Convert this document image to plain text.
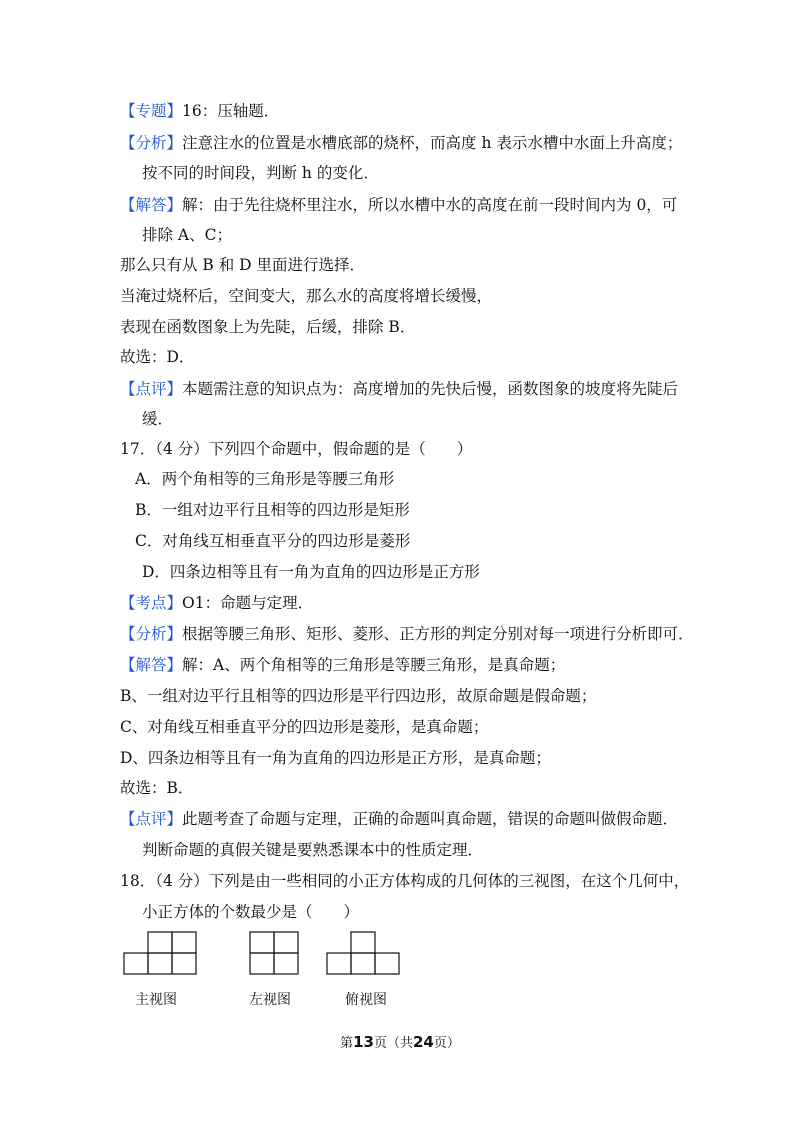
【专题】16：压轴题．
【分析】注意注水的位置是水槽底部的烧杯，而高度 h 表示水槽中水面上升高度；
按不同的时间段，判断 h 的变化．
【解答】解：由于先往烧杯里注水，所以水槽中水的高度在前一段时间内为 0，可
排除 A、C；
那么只有从 B 和 D 里面进行选择．
当淹过烧杯后，空间变大，那么水的高度将增长缓慢，
表现在函数图象上为先陡，后缓，排除 B．
故选：D．
【点评】本题需注意的知识点为：高度增加的先快后慢，函数图象的坡度将先陡后
缓．
17．（4 分）下列四个命题中，假命题的是（　　）
A．两个角相等的三角形是等腰三角形
B．一组对边平行且相等的四边形是矩形
C．对角线互相垂直平分的四边形是菱形
D．四条边相等且有一角为直角的四边形是正方形
【考点】O1：命题与定理．
【分析】根据等腰三角形、矩形、菱形、正方形的判定分别对每一项进行分析即可．
【解答】解：A、两个角相等的三角形是等腰三角形，是真命题；
B、一组对边平行且相等的四边形是平行四边形，故原命题是假命题；
C、对角线互相垂直平分的四边形是菱形，是真命题；
D、四条边相等且有一角为直角的四边形是正方形，是真命题；
故选：B．
【点评】此题考查了命题与定理，正确的命题叫真命题，错误的命题叫做假命题．
判断命题的真假关键是要熟悉课本中的性质定理．
18．（4 分）下列是由一些相同的小正方体构成的几何体的三视图，在这个几何中，
小正方体的个数最少是（　　）
主视图	左视图	俯视图
第13页（共24页）
